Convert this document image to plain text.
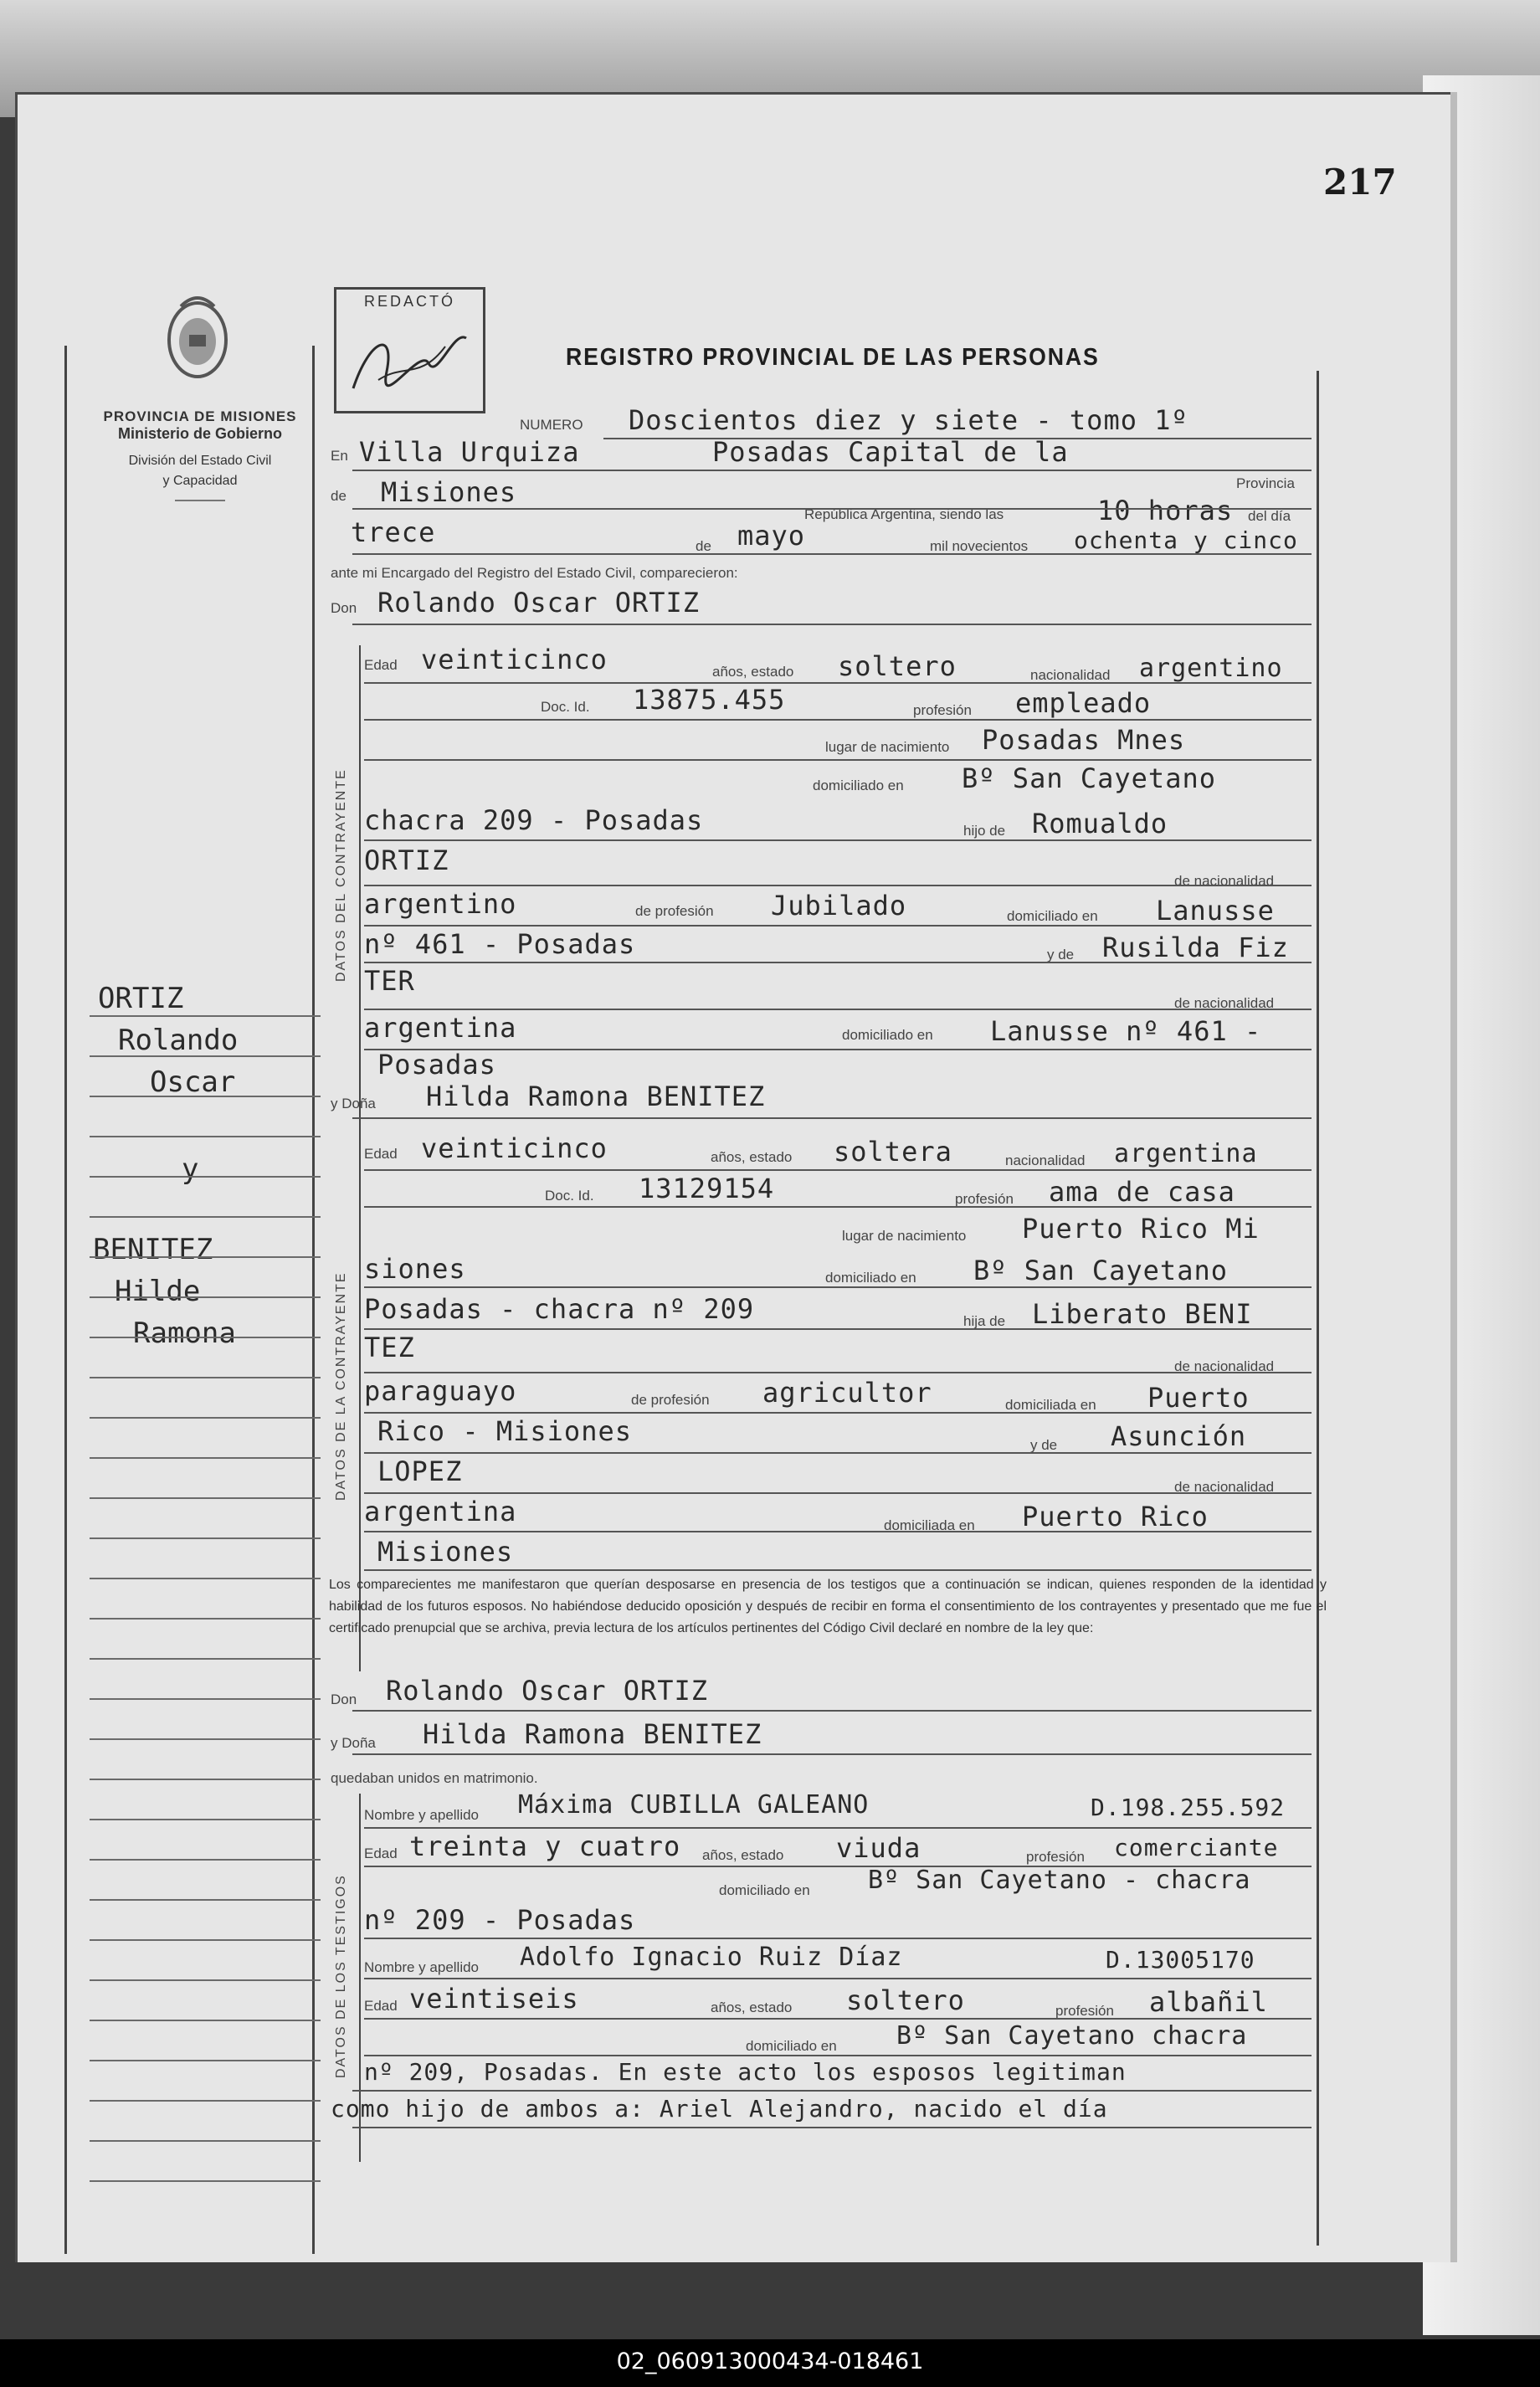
217
PROVINCIA DE MISIONES
Ministerio de Gobierno
División del Estado Civil
y Capacidad
REDACTÓ
REGISTRO PROVINCIAL DE LAS PERSONAS
NUMERO Doscientos diez y siete - tomo 1º
En Villa Urquiza	Posadas Capital de la
Provincia
de Misiones
República Argentina, siendo las	10 horas del día
trece	de mayo	mil novecientos ochenta y cinco
ante mi Encargado del Registro del Estado Civil, comparecieron:
Don Rolando Oscar ORTIZ
DATOS DEL CONTRAYENTE
Edad veinticinco	años, estado soltero	nacionalidad argentino
Doc. Id. 13875.455	profesión empleado
lugar de nacimiento Posadas Mnes
domiciliado en Bº San Cayetano
chacra 209 - Posadas	hijo de Romualdo
ORTIZ
de nacionalidad
argentino	de profesión Jubilado	domiciliado en Lanusse
nº 461 - Posadas	y de Rusilda Fiz
TER
de nacionalidad
argentina	domiciliado en Lanusse nº 461 -
Posadas
y Doña Hilda Ramona BENITEZ
DATOS DE LA CONTRAYENTE
Edad veinticinco	años, estado soltera	nacionalidad argentina
Doc. Id. 13129154	profesión ama de casa
lugar de nacimiento Puerto Rico Mi
siones	domiciliado en Bº San Cayetano
Posadas - chacra nº 209	hija de Liberato BENI
TEZ
de nacionalidad
paraguayo	de profesión agricultor	domiciliada en Puerto
Rico - Misiones	y de Asunción
LOPEZ	de nacionalidad
argentina	domiciliada en Puerto Rico
Misiones
Los comparecientes me manifestaron que querían desposarse en presencia de los testigos que a continuación se indican, quienes responden de la identidad y habilidad de los futuros esposos. No habiéndose deducido oposición y después de recibir en forma el consentimiento de los contrayentes y presentado que me fue el certificado prenupcial que se archiva, previa lectura de los artículos pertinentes del Código Civil declaré en nombre de la ley que:
Don Rolando Oscar ORTIZ
y Doña Hilda Ramona BENITEZ
quedaban unidos en matrimonio.
DATOS DE LOS TESTIGOS
Nombre y apellido Máxima CUBILLA GALEANO	D.198.255.592
Edad treinta y cuatro años, estado viuda	profesión comerciante
domiciliado en Bº San Cayetano - chacra
nº 209 - Posadas
Nombre y apellido Adolfo Ignacio Ruiz Díaz	D.13005170
Edad veintiseis	años, estado soltero	profesión albañil
domiciliado en Bº San Cayetano chacra
nº 209, Posadas. En este acto los esposos legitiman
como hijo de ambos a: Ariel Alejandro, nacido el día
ORTIZ
Rolando
Oscar
y
BENITEZ
Hilde
Ramona
02_060913000434-018461
